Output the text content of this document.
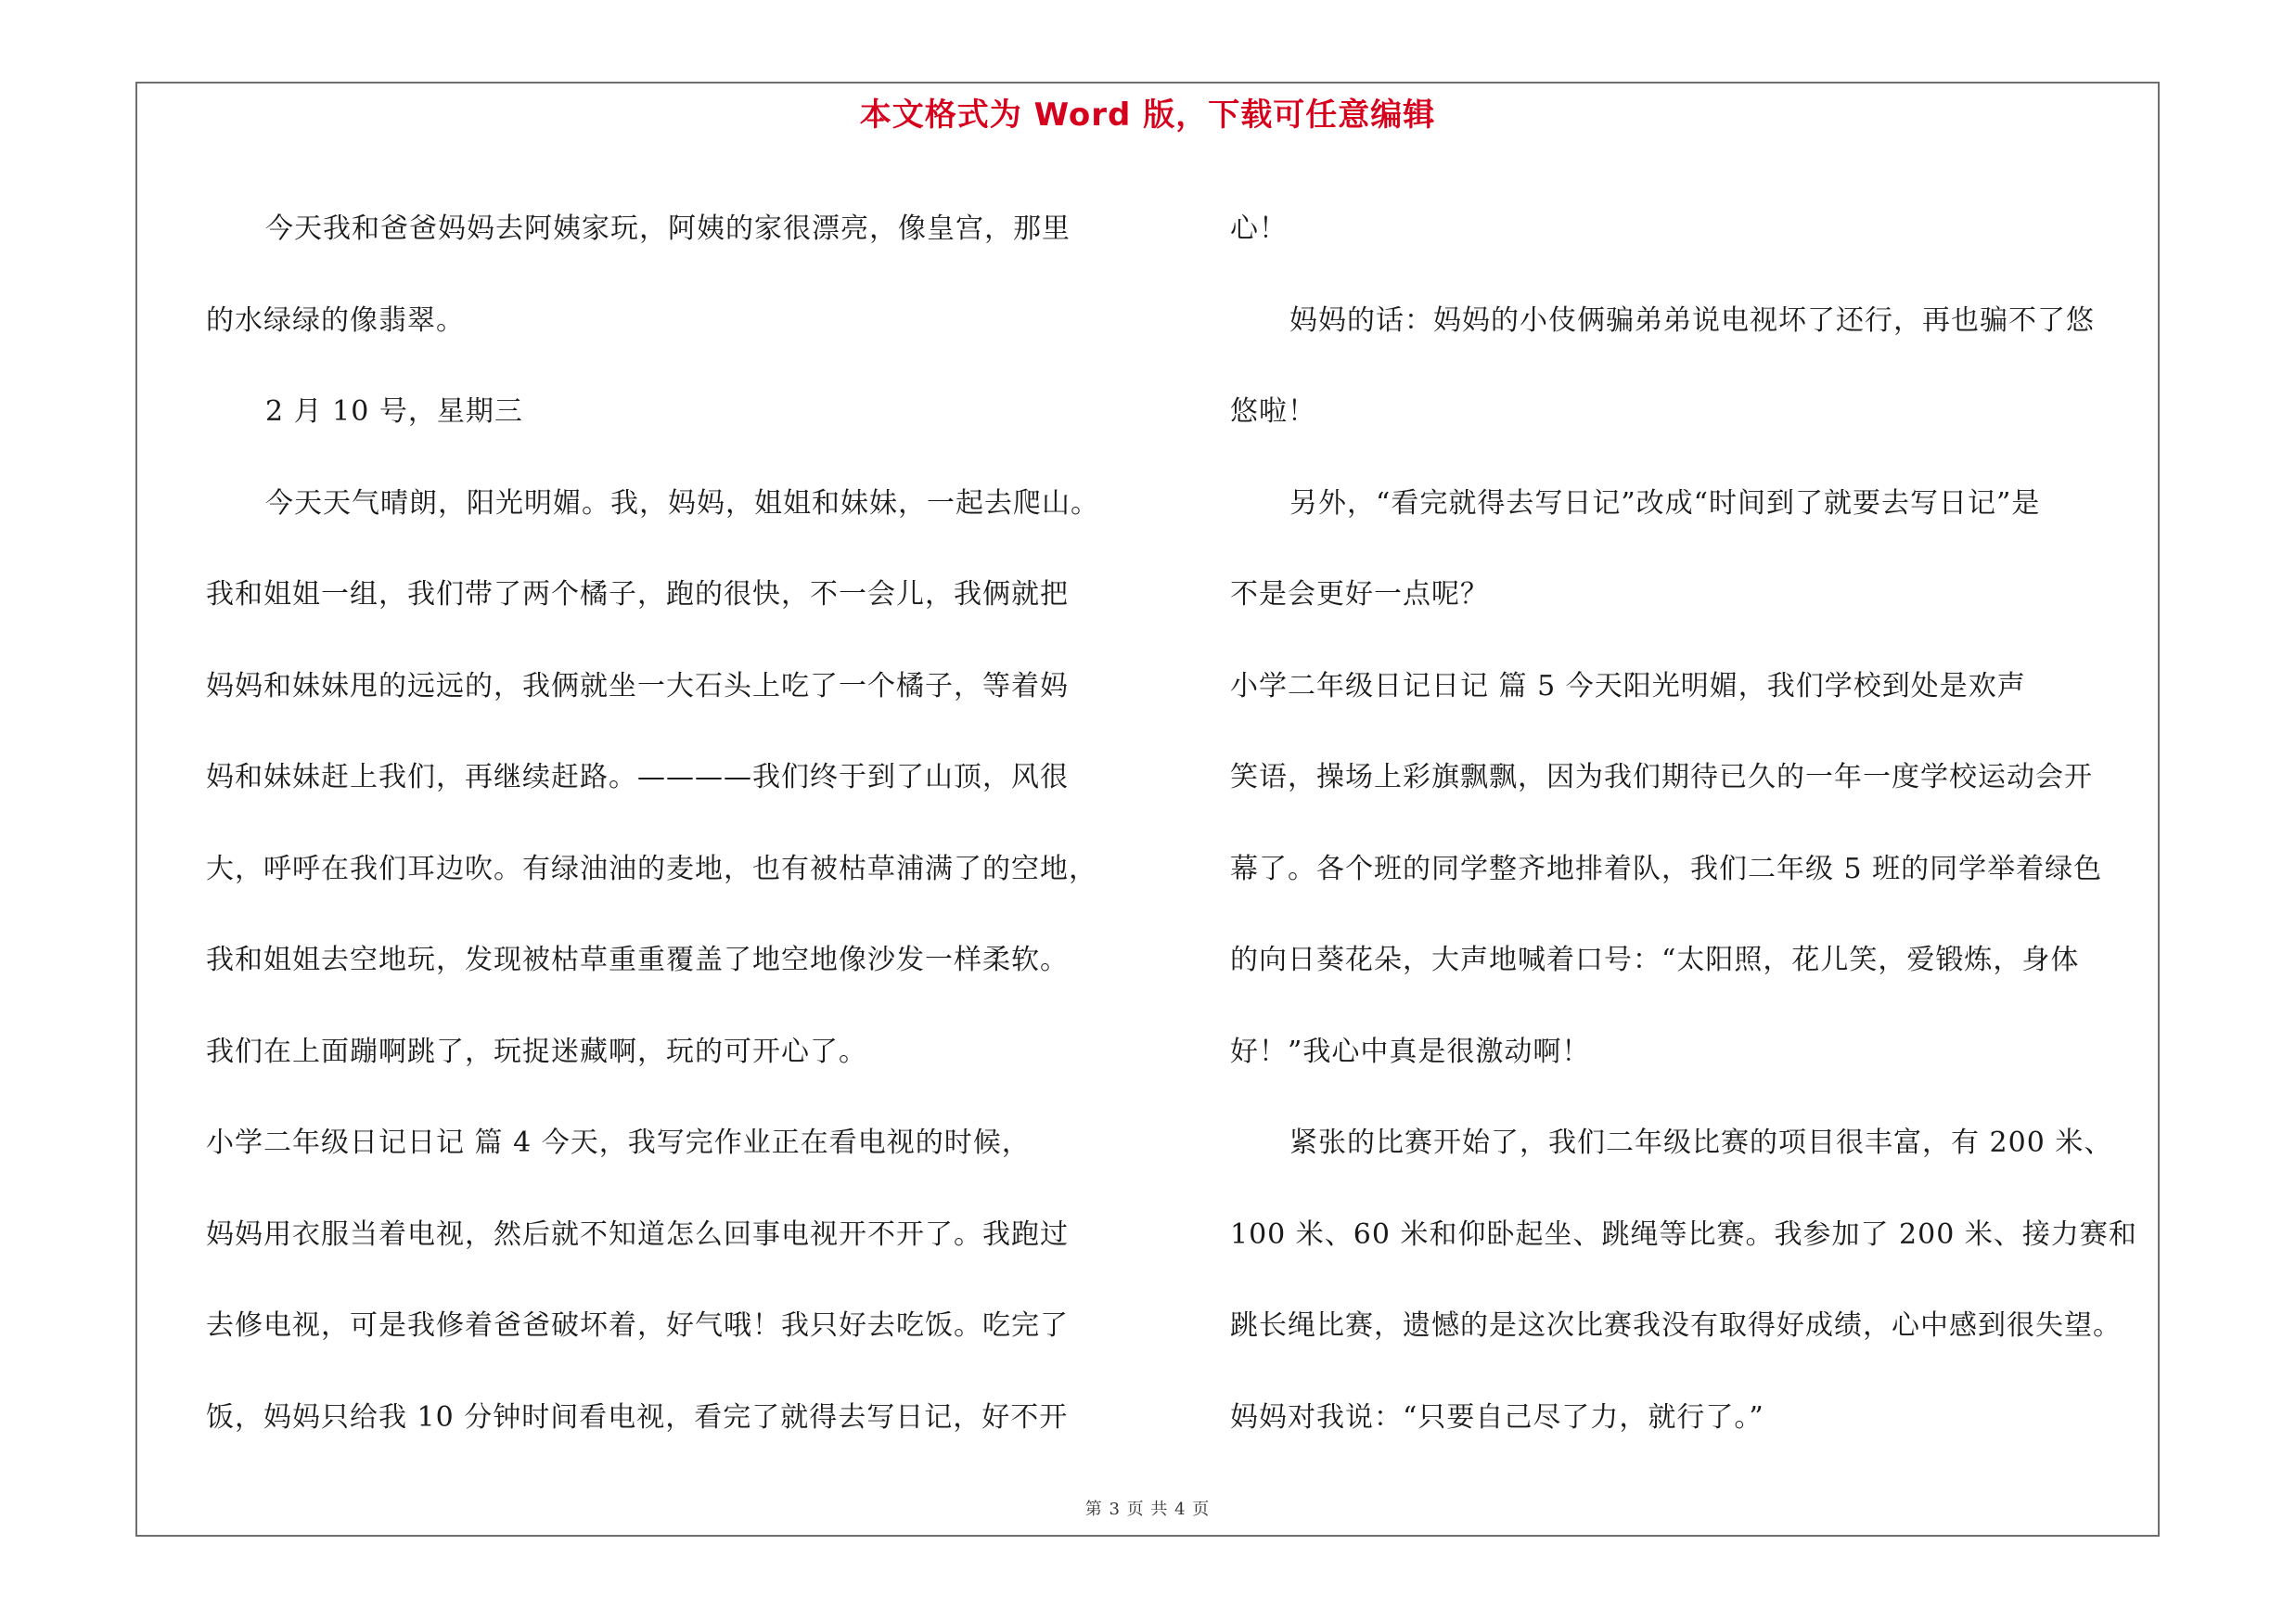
本文格式为 Word 版，下载可任意编辑
今天我和爸爸妈妈去阿姨家玩，阿姨的家很漂亮，像皇宫，那里
的水绿绿的像翡翠。
2 月 10 号，星期三
今天天气晴朗，阳光明媚。我，妈妈，姐姐和妹妹，一起去爬山。
我和姐姐一组，我们带了两个橘子，跑的很快，不一会儿，我俩就把
妈妈和妹妹甩的远远的，我俩就坐一大石头上吃了一个橘子，等着妈
妈和妹妹赶上我们，再继续赶路。————我们终于到了山顶，风很
大，呼呼在我们耳边吹。有绿油油的麦地，也有被枯草浦满了的空地，
我和姐姐去空地玩，发现被枯草重重覆盖了地空地像沙发一样柔软。
我们在上面蹦啊跳了，玩捉迷藏啊，玩的可开心了。
小学二年级日记日记 篇 4 今天，我写完作业正在看电视的时候，
妈妈用衣服当着电视，然后就不知道怎么回事电视开不开了。我跑过
去修电视，可是我修着爸爸破坏着，好气哦！我只好去吃饭。吃完了
饭，妈妈只给我 10 分钟时间看电视，看完了就得去写日记，好不开
心！
妈妈的话：妈妈的小伎俩骗弟弟说电视坏了还行，再也骗不了悠
悠啦！
另外，“看完就得去写日记”改成“时间到了就要去写日记”是
不是会更好一点呢？
小学二年级日记日记 篇 5 今天阳光明媚，我们学校到处是欢声
笑语，操场上彩旗飘飘，因为我们期待已久的一年一度学校运动会开
幕了。各个班的同学整齐地排着队，我们二年级 5 班的同学举着绿色
的向日葵花朵，大声地喊着口号：“太阳照，花儿笑，爱锻炼，身体
好！”我心中真是很激动啊！
紧张的比赛开始了，我们二年级比赛的项目很丰富，有 200 米、
100 米、60 米和仰卧起坐、跳绳等比赛。我参加了 200 米、接力赛和
跳长绳比赛，遗憾的是这次比赛我没有取得好成绩，心中感到很失望。
妈妈对我说：“只要自己尽了力，就行了。”
第 3 页 共 4 页
